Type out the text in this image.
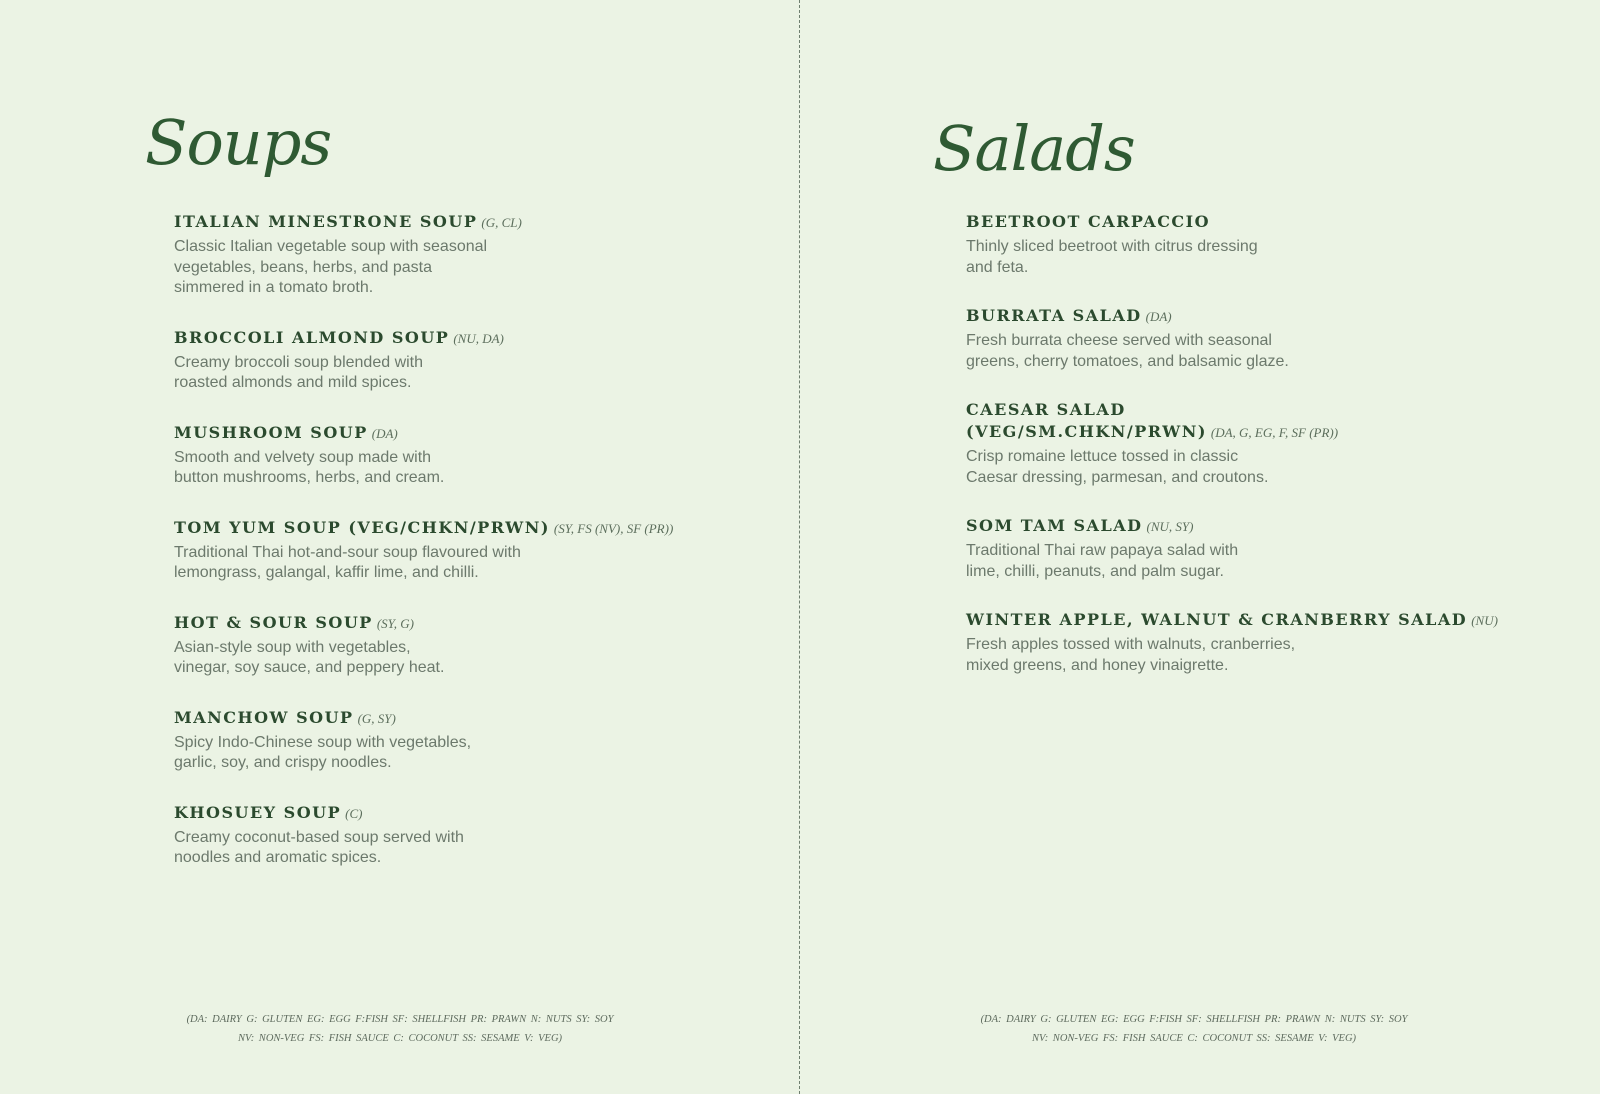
Soups
ITALIAN MINESTRONE SOUP (G, CL)
Classic Italian vegetable soup with seasonal
vegetables, beans, herbs, and pasta
simmered in a tomato broth.
BROCCOLI ALMOND SOUP (NU, DA)
Creamy broccoli soup blended with
roasted almonds and mild spices.
MUSHROOM SOUP (DA)
Smooth and velvety soup made with
button mushrooms, herbs, and cream.
TOM YUM SOUP (VEG/CHKN/PRWN) (SY, FS (NV), SF (PR))
Traditional Thai hot-and-sour soup flavoured with
lemongrass, galangal, kaffir lime, and chilli.
HOT & SOUR SOUP (SY, G)
Asian-style soup with vegetables,
vinegar, soy sauce, and peppery heat.
MANCHOW SOUP (G, SY)
Spicy Indo-Chinese soup with vegetables,
garlic, soy, and crispy noodles.
KHOSUEY SOUP (C)
Creamy coconut-based soup served with
noodles and aromatic spices.
(DA: DAIRY G: GLUTEN EG: EGG F:FISH SF: SHELLFISH PR: PRAWN N: NUTS SY: SOY
NV: NON-VEG FS: FISH SAUCE C: COCONUT SS: SESAME V: VEG)
Salads
BEETROOT CARPACCIO
Thinly sliced beetroot with citrus dressing
and feta.
BURRATA SALAD (DA)
Fresh burrata cheese served with seasonal
greens, cherry tomatoes, and balsamic glaze.
CAESAR SALAD
(VEG/SM.CHKN/PRWN) (DA, G, EG, F, SF (PR))
Crisp romaine lettuce tossed in classic
Caesar dressing, parmesan, and croutons.
SOM TAM SALAD (NU, SY)
Traditional Thai raw papaya salad with
lime, chilli, peanuts, and palm sugar.
WINTER APPLE, WALNUT & CRANBERRY SALAD (NU)
Fresh apples tossed with walnuts, cranberries,
mixed greens, and honey vinaigrette.
(DA: DAIRY G: GLUTEN EG: EGG F:FISH SF: SHELLFISH PR: PRAWN N: NUTS SY: SOY
NV: NON-VEG FS: FISH SAUCE C: COCONUT SS: SESAME V: VEG)
